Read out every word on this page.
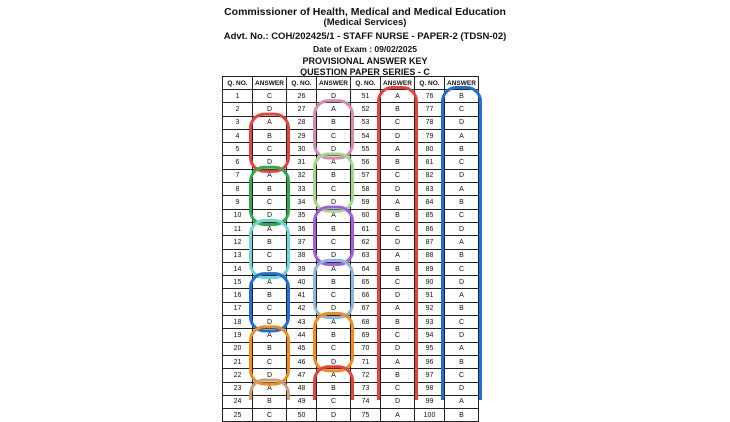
Commissioner of Health, Medical and Medical Education
(Medical Services)
Advt. No.: COH/202425/1 - STAFF NURSE - PAPER-2 (TDSN-02)
Date of Exam : 09/02/2025
PROVISIONAL ANSWER KEY
QUESTION PAPER SERIES - C
Q. NO.	ANSWER	Q. NO.	ANSWER	Q. NO.	ANSWER	Q. NO.	ANSWER
1	C	26	D	51	A	76	B
2	D	27	A	52	B	77	C
3	A	28	B	53	C	78	D
4	B	29	C	54	D	79	A
5	C	30	D	55	A	80	B
6	D	31	A	56	B	81	C
7	A	32	B	57	C	82	D
8	B	33	C	58	D	83	A
9	C	34	D	59	A	84	B
10	D	35	A	60	B	85	C
11	A	36	B	61	C	86	D
12	B	37	C	62	D	87	A
13	C	38	D	63	A	88	B
14	D	39	A	64	B	89	C
15	A	40	B	65	C	90	D
16	B	41	C	66	D	91	A
17	C	42	D	67	A	92	B
18	D	43	A	68	B	93	C
19	A	44	B	69	C	94	D
20	B	45	C	70	D	95	A
21	C	46	D	71	A	96	B
22	D	47	A	72	B	97	C
23	A	48	B	73	C	98	D
24	B	49	C	74	D	99	A
25	C	50	D	75	A	100	B
